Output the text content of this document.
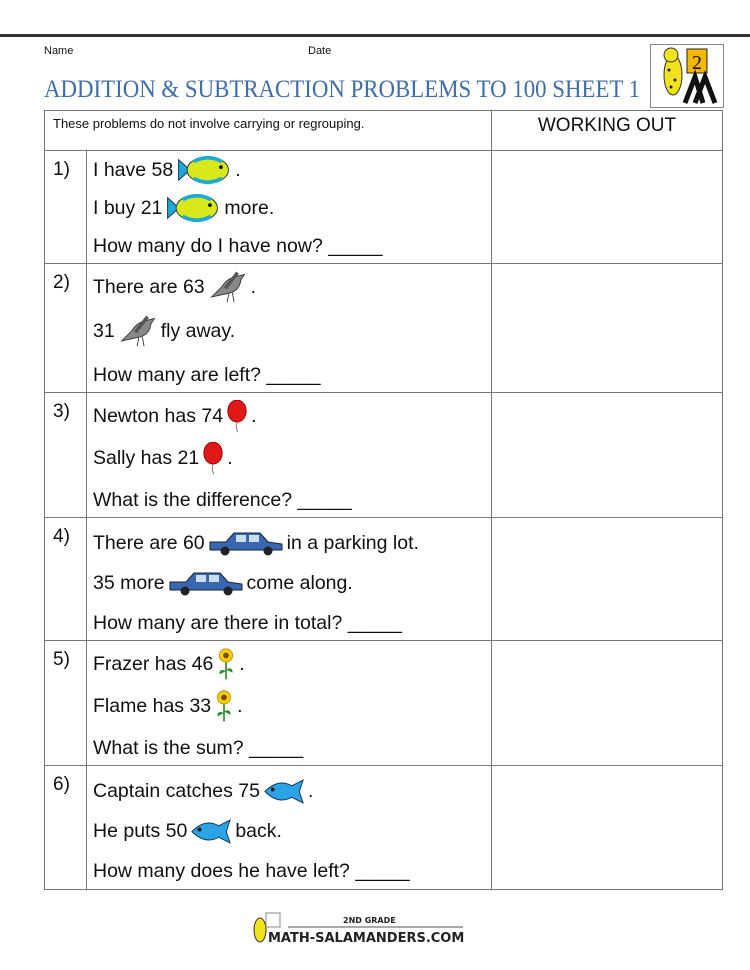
Name	Date
ADDITION & SUBTRACTION PROBLEMS TO 100 SHEET 1
2
These problems do not involve carrying or regrouping.		WORKING OUT
1)	I have 58 .
I buy 21 more.
How many do I have now? _____	

2)	There are 63 .
31 fly away.
How many are left? _____	

3)	Newton has 74 .
Sally has 21 .
What is the difference? _____	

4)	There are 60 in a parking lot.
35 more come along.
How many are there in total? _____	

5)	Frazer has 46 .
Flame has 33 .
What is the sum? _____	

6)	Captain catches 75 .
He puts 50 back.
How many does he have left? _____	

2ND GRADE
MATH-SALAMANDERS.COM
